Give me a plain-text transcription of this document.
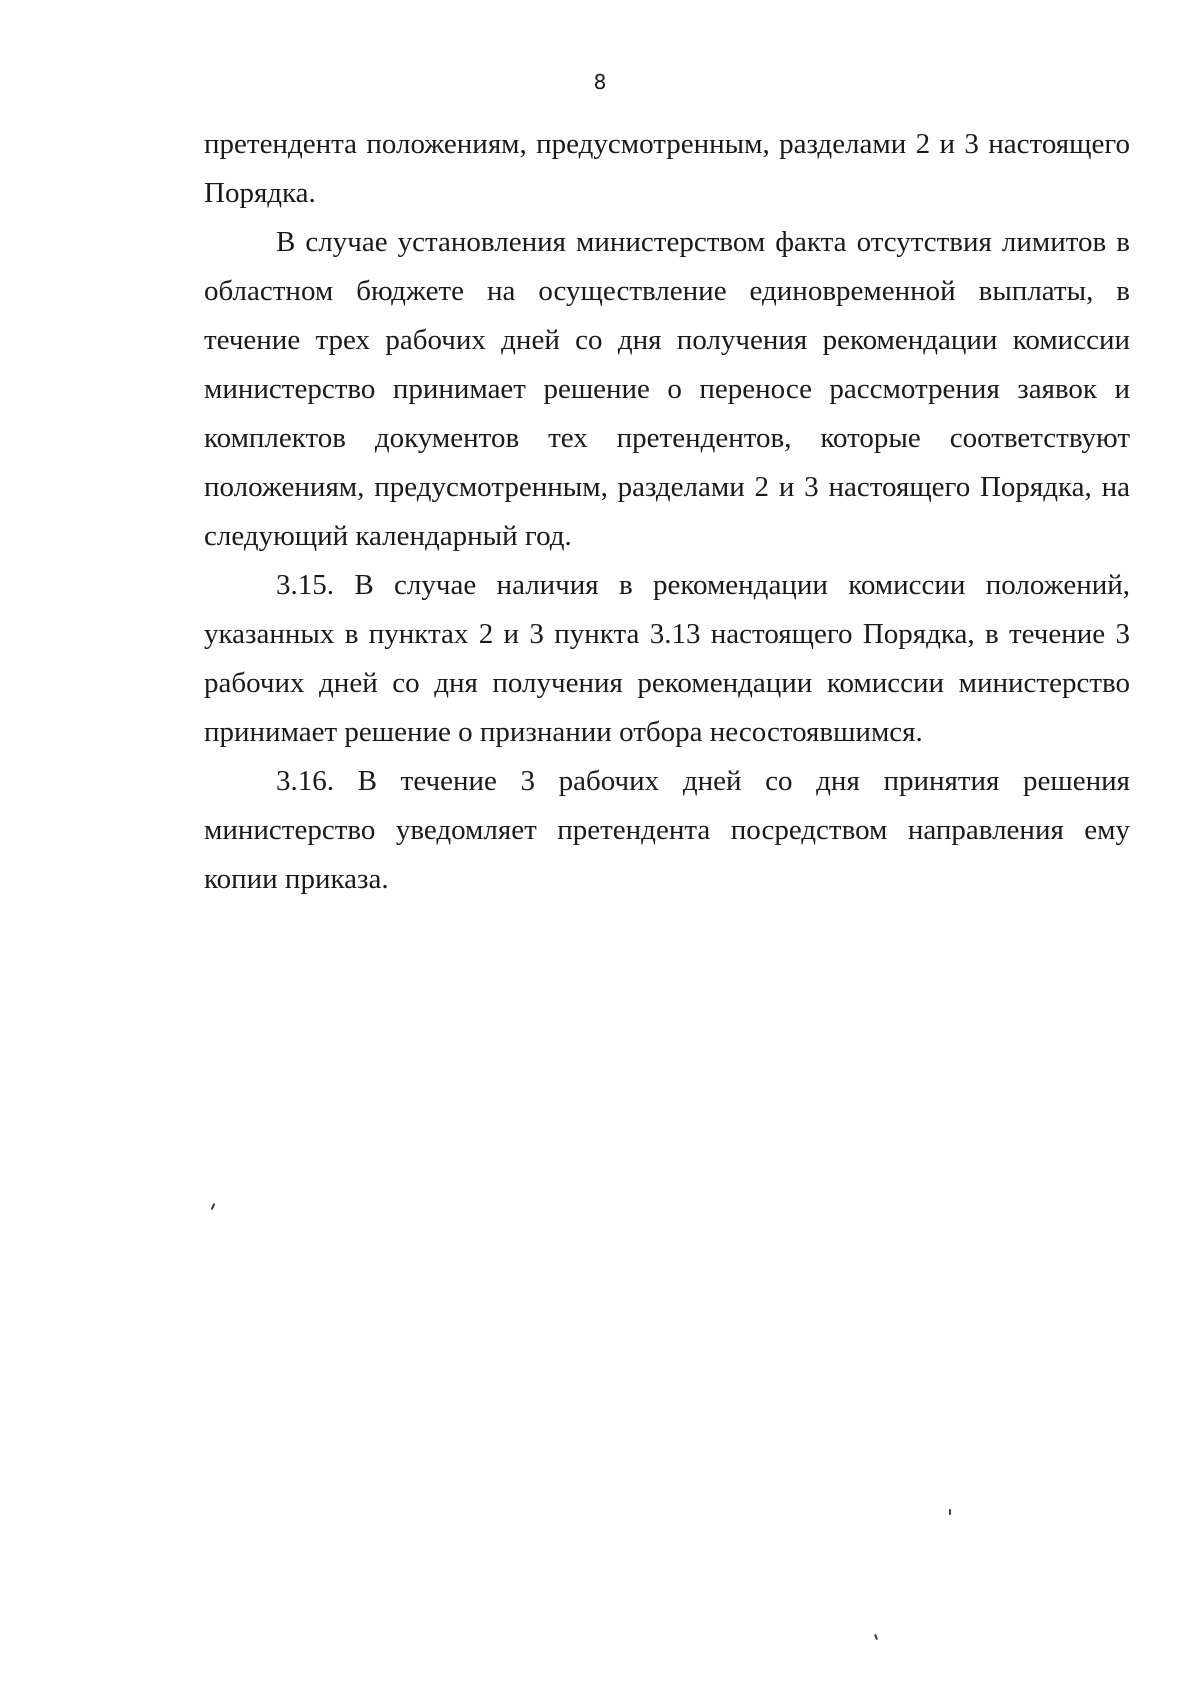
8

претендента положениям, предусмотренным, разделами 2 и 3 настоящего Порядка.

В случае установления министерством факта отсутствия лимитов в областном бюджете на осуществление единовременной выплаты, в течение трех рабочих дней со дня получения рекомендации комиссии министерство принимает решение о переносе рассмотрения заявок и комплектов документов тех претендентов, которые соответствуют положениям, предусмотренным, разделами 2 и 3 настоящего Порядка, на следующий календарный год.

3.15. В случае наличия в рекомендации комиссии положений, указанных в пунктах 2 и 3 пункта 3.13 настоящего Порядка, в течение 3 рабочих дней со дня получения рекомендации комиссии министерство принимает решение о признании отбора несостоявшимся.

3.16. В течение 3 рабочих дней со дня принятия решения министерство уведомляет претендента посредством направления ему копии приказа.
